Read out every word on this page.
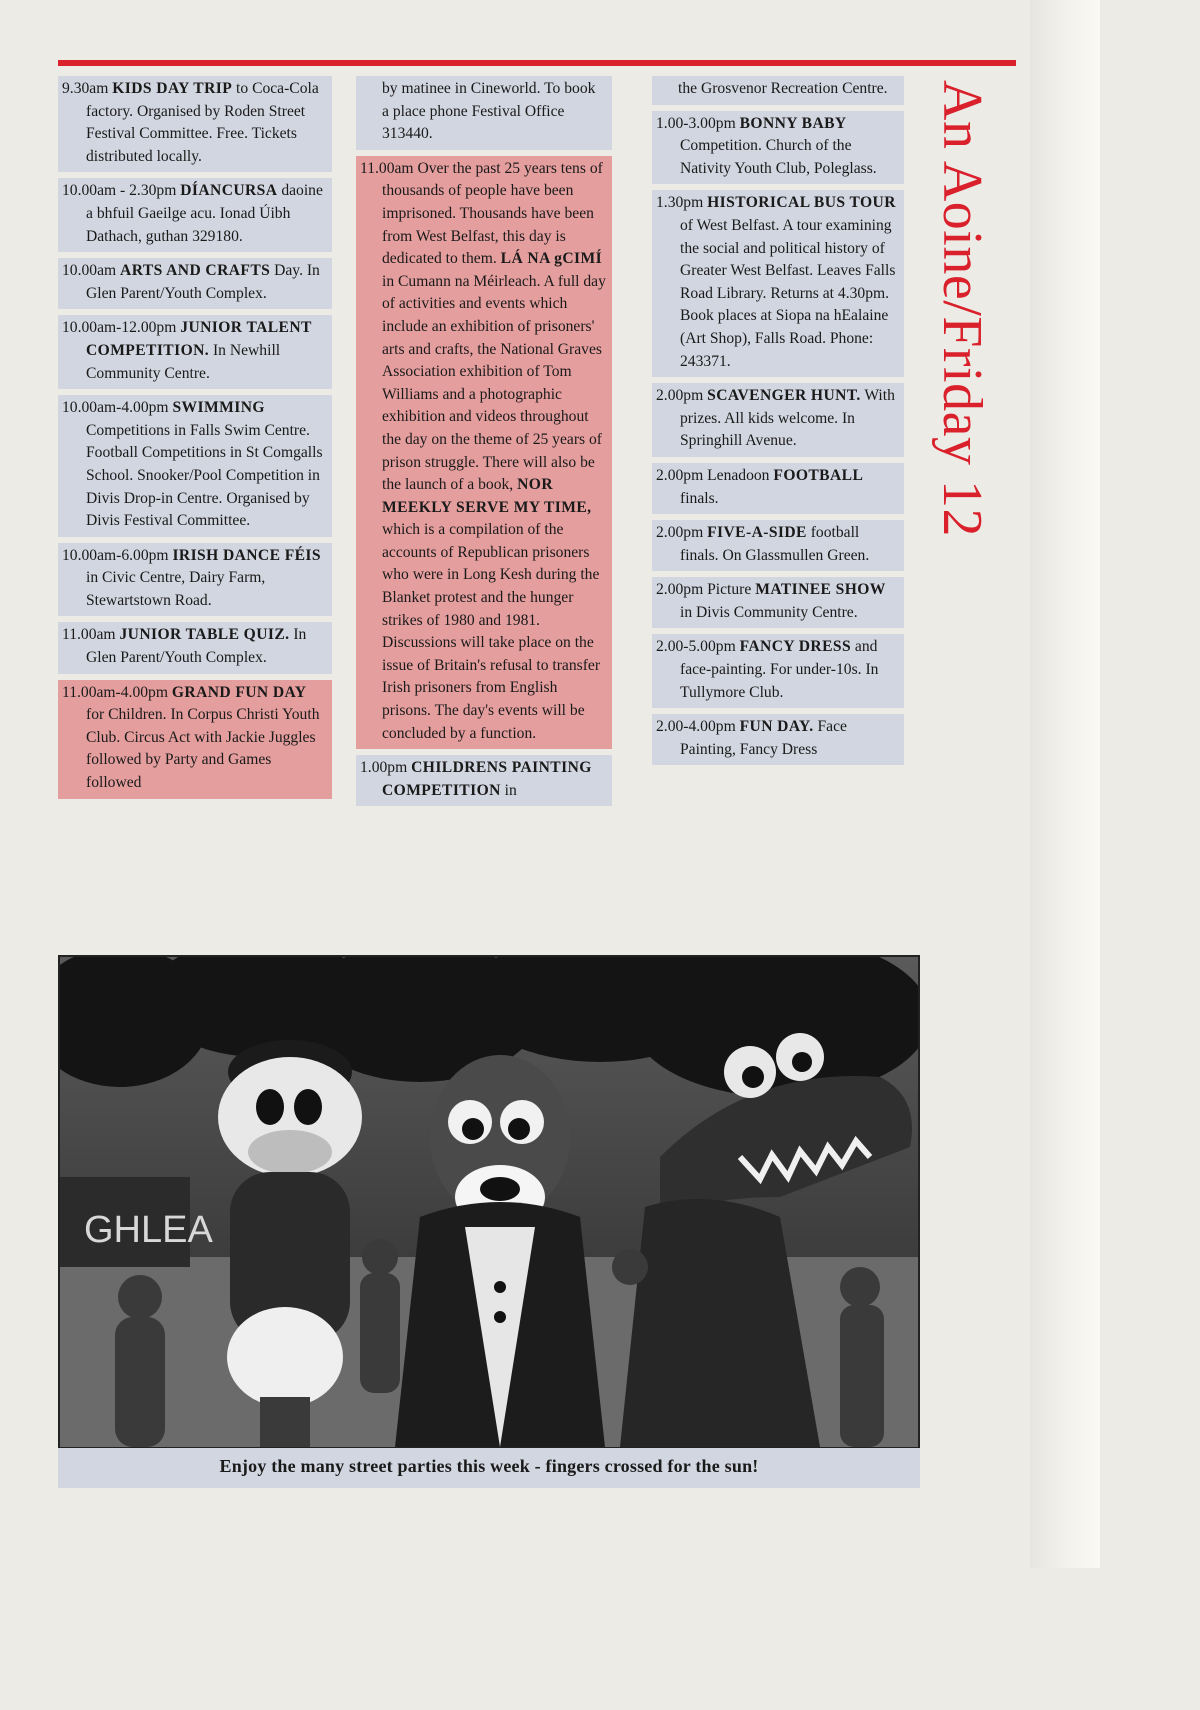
9.30am KIDS DAY TRIP to Coca-Cola factory. Organised by Roden Street Festival Committee. Free. Tickets distributed locally.
10.00am - 2.30pm DÍANCURSA daoine a bhfuil Gaeilge acu. Ionad Úibh Dathach, guthan 329180.
10.00am ARTS AND CRAFTS Day. In Glen Parent/Youth Complex.
10.00am-12.00pm JUNIOR TALENT COMPETITION. In Newhill Community Centre.
10.00am-4.00pm SWIMMING Competitions in Falls Swim Centre. Football Competitions in St Comgalls School. Snooker/Pool Competition in Divis Drop-in Centre. Organised by Divis Festival Committee.
10.00am-6.00pm IRISH DANCE FÉIS in Civic Centre, Dairy Farm, Stewartstown Road.
11.00am JUNIOR TABLE QUIZ. In Glen Parent/Youth Complex.
11.00am-4.00pm GRAND FUN DAY for Children. In Corpus Christi Youth Club. Circus Act with Jackie Juggles followed by Party and Games followed
by matinee in Cineworld. To book a place phone Festival Office 313440.
11.00am Over the past 25 years tens of thousands of people have been imprisoned. Thousands have been from West Belfast, this day is dedicated to them. LÁ NA gCIMÍ in Cumann na Méirleach. A full day of activities and events which include an exhibition of prisoners' arts and crafts, the National Graves Association exhibition of Tom Williams and a photographic exhibition and videos throughout the day on the theme of 25 years of prison struggle. There will also be the launch of a book, NOR MEEKLY SERVE MY TIME, which is a compilation of the accounts of Republican prisoners who were in Long Kesh during the Blanket protest and the hunger strikes of 1980 and 1981. Discussions will take place on the issue of Britain's refusal to transfer Irish prisoners from English prisons. The day's events will be concluded by a function.
1.00pm CHILDRENS PAINTING COMPETITION in
the Grosvenor Recreation Centre.
1.00-3.00pm BONNY BABY Competition. Church of the Nativity Youth Club, Poleglass.
1.30pm HISTORICAL BUS TOUR of West Belfast. A tour examining the social and political history of Greater West Belfast. Leaves Falls Road Library. Returns at 4.30pm. Book places at Siopa na hEalaine (Art Shop), Falls Road. Phone: 243371.
2.00pm SCAVENGER HUNT. With prizes. All kids welcome. In Springhill Avenue.
2.00pm Lenadoon FOOTBALL finals.
2.00pm FIVE-A-SIDE football finals. On Glassmullen Green.
2.00pm Picture MATINEE SHOW in Divis Community Centre.
2.00-5.00pm FANCY DRESS and face-painting. For under-10s. In Tullymore Club.
2.00-4.00pm FUN DAY. Face Painting, Fancy Dress
An Aoine/Friday 12
GHLEA
Enjoy the many street parties this week - fingers crossed for the sun!
